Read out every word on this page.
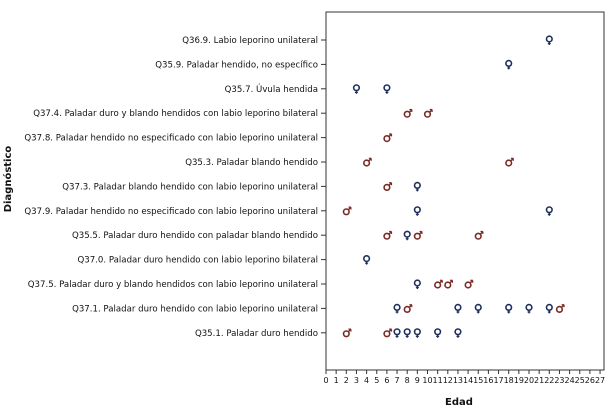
Q36.9. Labio leporino unilateral
Q35.9. Paladar hendido, no específico
Q35.7. Úvula hendida
Q37.4. Paladar duro y blando hendidos con labio leporino bilateral
Q37.8. Paladar hendido no especificado con labio leporino unilateral
Q35.3. Paladar blando hendido
Q37.3. Paladar blando hendido con labio leporino unilateral
Q37.9. Paladar hendido no especificado con labio leporino unilateral
Q35.5. Paladar duro hendido con paladar blando hendido
Q37.0. Paladar duro hendido con labio leporino bilateral
Q37.5. Paladar duro y blando hendidos con labio leporino unilateral
Q37.1. Paladar duro hendido con labio leporino unilateral
Q35.1. Paladar duro hendido
0 1 2 3 4 5 6 7 8 9 10 11 12 13 14 15 16 17 18 19 20 21 22 23 24 25 26 27
Edad
Diagnóstico
